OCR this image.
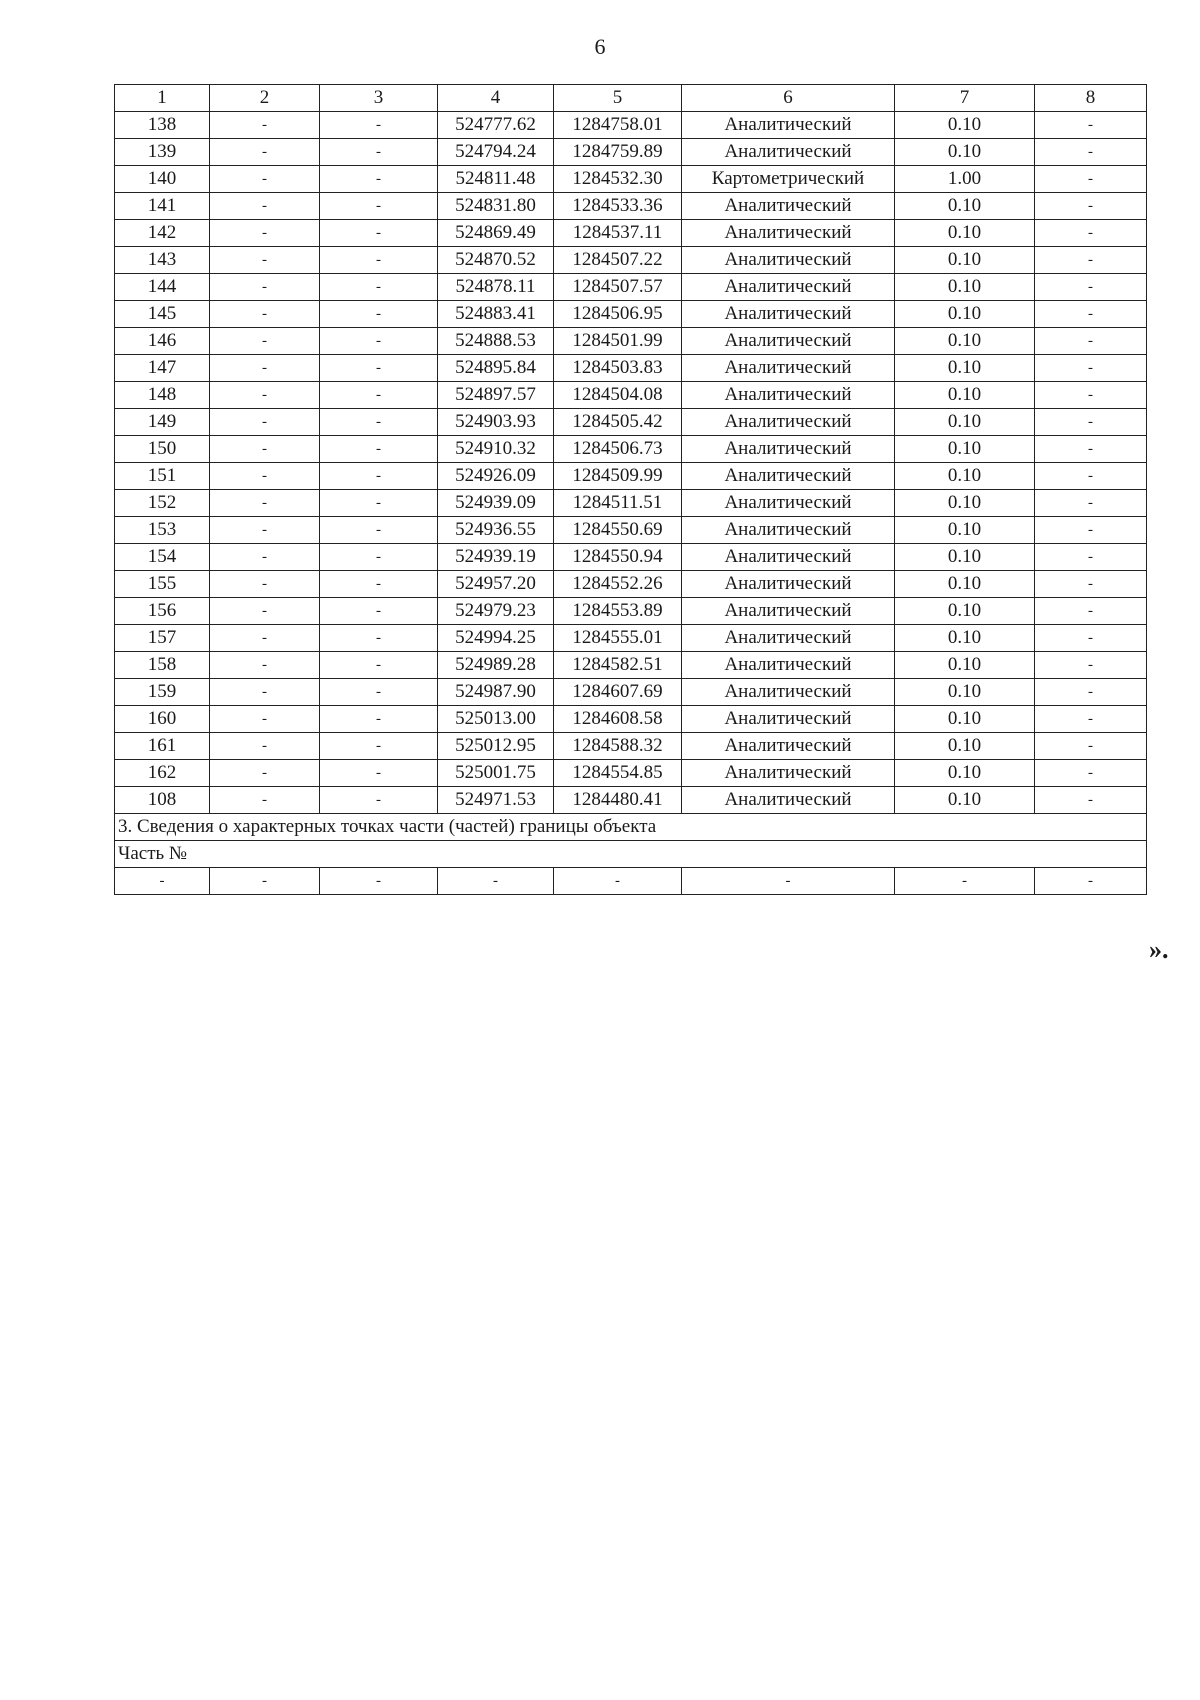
6
1	2	3	4	5	6	7	8
138	-	-	524777.62	1284758.01	Аналитический	0.10	-
139	-	-	524794.24	1284759.89	Аналитический	0.10	-
140	-	-	524811.48	1284532.30	Картометрический	1.00	-
141	-	-	524831.80	1284533.36	Аналитический	0.10	-
142	-	-	524869.49	1284537.11	Аналитический	0.10	-
143	-	-	524870.52	1284507.22	Аналитический	0.10	-
144	-	-	524878.11	1284507.57	Аналитический	0.10	-
145	-	-	524883.41	1284506.95	Аналитический	0.10	-
146	-	-	524888.53	1284501.99	Аналитический	0.10	-
147	-	-	524895.84	1284503.83	Аналитический	0.10	-
148	-	-	524897.57	1284504.08	Аналитический	0.10	-
149	-	-	524903.93	1284505.42	Аналитический	0.10	-
150	-	-	524910.32	1284506.73	Аналитический	0.10	-
151	-	-	524926.09	1284509.99	Аналитический	0.10	-
152	-	-	524939.09	1284511.51	Аналитический	0.10	-
153	-	-	524936.55	1284550.69	Аналитический	0.10	-
154	-	-	524939.19	1284550.94	Аналитический	0.10	-
155	-	-	524957.20	1284552.26	Аналитический	0.10	-
156	-	-	524979.23	1284553.89	Аналитический	0.10	-
157	-	-	524994.25	1284555.01	Аналитический	0.10	-
158	-	-	524989.28	1284582.51	Аналитический	0.10	-
159	-	-	524987.90	1284607.69	Аналитический	0.10	-
160	-	-	525013.00	1284608.58	Аналитический	0.10	-
161	-	-	525012.95	1284588.32	Аналитический	0.10	-
162	-	-	525001.75	1284554.85	Аналитический	0.10	-
108	-	-	524971.53	1284480.41	Аналитический	0.10	-
3. Сведения о характерных точках части (частей) границы объекта							
Часть №							
-	-	-	-	-	-	-	-
».
